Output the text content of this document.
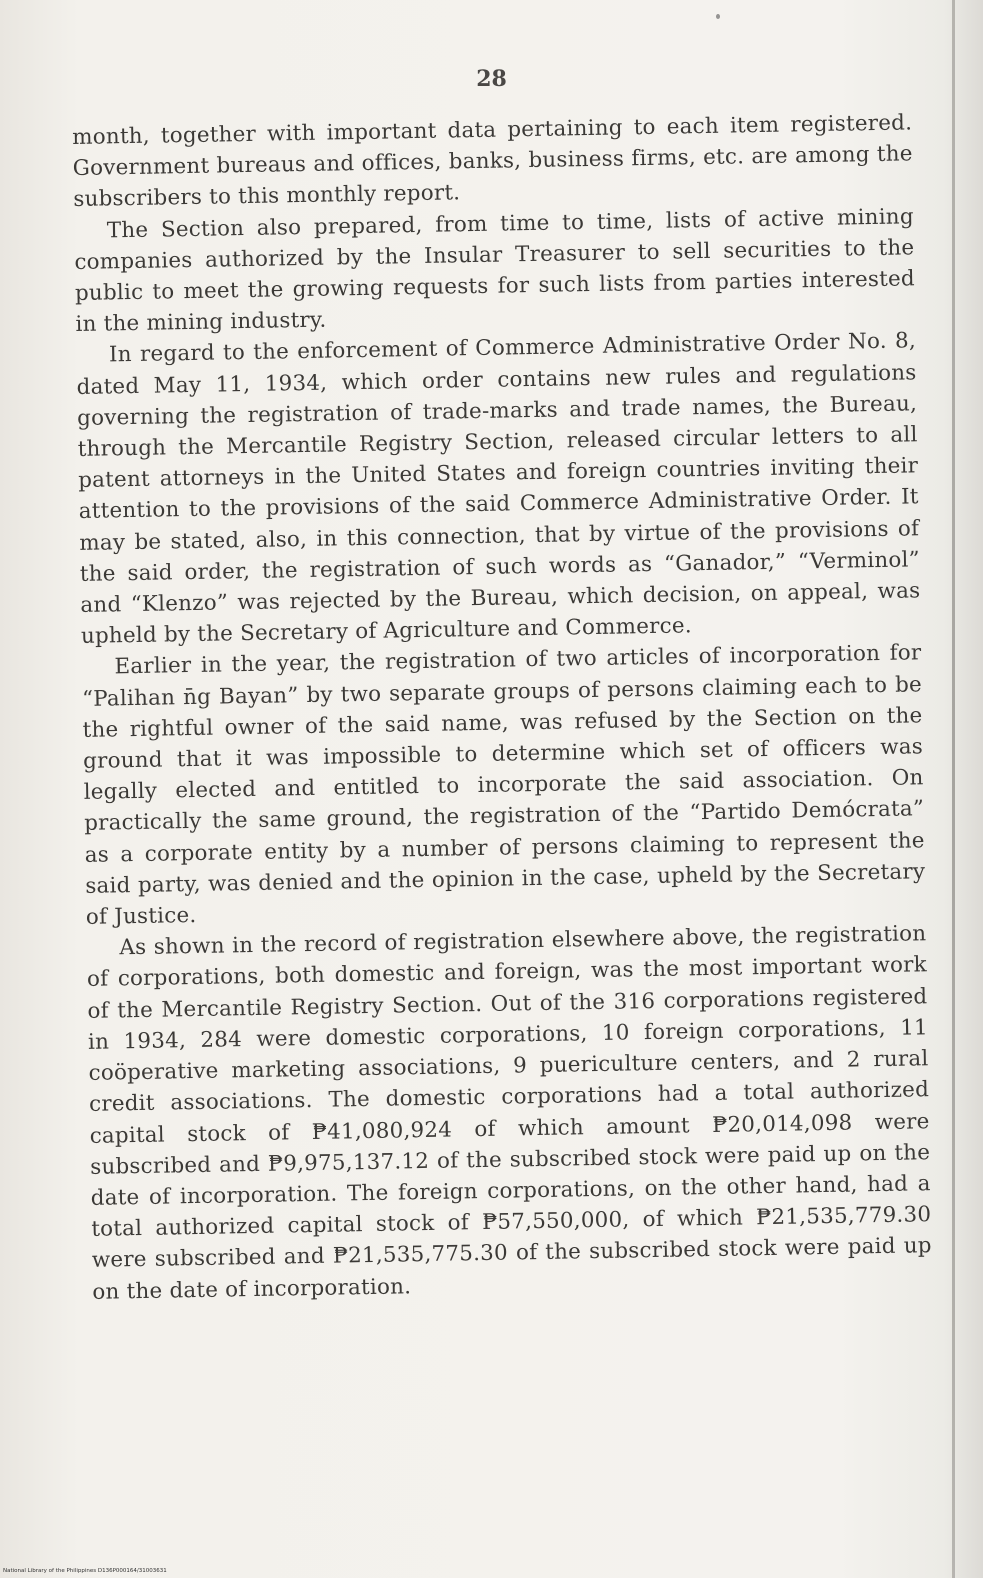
28

month, together with important data pertaining to each item registered. Government bureaus and offices, banks, business firms, etc. are among the subscribers to this monthly report.

The Section also prepared, from time to time, lists of active mining companies authorized by the Insular Treasurer to sell securities to the public to meet the growing requests for such lists from parties interested in the mining industry.

In regard to the enforcement of Commerce Administrative Order No. 8, dated May 11, 1934, which order contains new rules and regulations governing the registration of trade-marks and trade names, the Bureau, through the Mercantile Registry Section, released circular letters to all patent attorneys in the United States and foreign countries inviting their attention to the provisions of the said Commerce Administrative Order. It may be stated, also, in this connection, that by virtue of the provisions of the said order, the registration of such words as “Ganador,” “Verminol” and “Klenzo” was rejected by the Bureau, which decision, on appeal, was upheld by the Secretary of Agriculture and Commerce.

Earlier in the year, the registration of two articles of incorporation for “Palihan n̄g Bayan” by two separate groups of persons claiming each to be the rightful owner of the said name, was refused by the Section on the ground that it was impossible to determine which set of officers was legally elected and entitled to incorporate the said association. On practically the same ground, the registration of the “Partido Demócrata” as a corporate entity by a number of persons claiming to represent the said party, was denied and the opinion in the case, upheld by the Secretary of Justice.

As shown in the record of registration elsewhere above, the registration of corporations, both domestic and foreign, was the most important work of the Mercantile Registry Section. Out of the 316 corporations registered in 1934, 284 were domestic corporations, 10 foreign corporations, 11 coöperative marketing associations, 9 puericulture centers, and 2 rural credit associations. The domestic corporations had a total authorized capital stock of ₱41,080,924 of which amount ₱20,014,098 were subscribed and ₱9,975,137.12 of the subscribed stock were paid up on the date of incorporation. The foreign corporations, on the other hand, had a total authorized capital stock of ₱57,550,000, of which ₱21,535,779.30 were subscribed and ₱21,535,775.30 of the subscribed stock were paid up on the date of incorporation.

National Library of the Philippines D136P000164/31003631
